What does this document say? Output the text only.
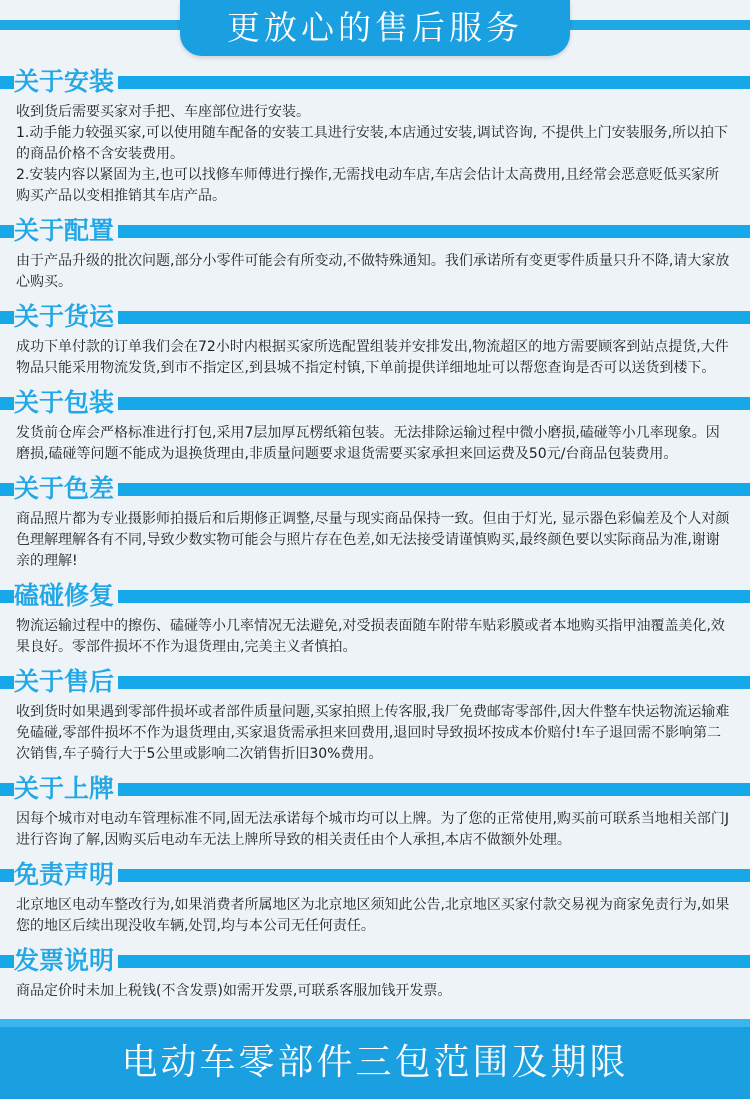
更放心的售后服务
关于安装
收到货后需要买家对手把、车座部位进行安装。
1.动手能力较强买家,可以使用随车配备的安装工具进行安装,本店通过安装,调试咨询, 不提供上门安装服务,所以拍下的商品价格不含安装费用。
2.安装内容以紧固为主,也可以找修车师傅进行操作,无需找电动车店,车店会估计太高费用,且经常会恶意贬低买家所购买产品以变相推销其车店产品。
关于配置
由于产品升级的批次问题,部分小零件可能会有所变动,不做特殊通知。我们承诺所有变更零件质量只升不降,请大家放心购买。
关于货运
成功下单付款的订单我们会在72小时内根据买家所选配置组装并安排发出,物流超区的地方需要顾客到站点提货,大件物品只能采用物流发货,到市不指定区,到县城不指定村镇,下单前提供详细地址可以帮您查询是否可以送货到楼下。
关于包装
发货前仓库会严格标准进行打包,采用7层加厚瓦楞纸箱包装。无法排除运输过程中微小磨损,磕碰等小几率现象。因磨损,磕碰等问题不能成为退换货理由,非质量问题要求退货需要买家承担来回运费及50元/台商品包装费用。
关于色差
商品照片都为专业摄影师拍摄后和后期修正调整,尽量与现实商品保持一致。但由于灯光, 显示器色彩偏差及个人对颜色理解理解各有不同,导致少数实物可能会与照片存在色差,如无法接受请谨慎购买,最终颜色要以实际商品为准,谢谢亲的理解!
磕碰修复
物流运输过程中的擦伤、磕碰等小几率情况无法避免,对受损表面随车附带车贴彩膜或者本地购买指甲油覆盖美化,效果良好。零部件损坏不作为退货理由,完美主义者慎拍。
关于售后
收到货时如果遇到零部件损坏或者部件质量问题,买家拍照上传客服,我厂免费邮寄零部件,因大件整车快运物流运输难免磕碰,零部件损坏不作为退货理由,买家退货需承担来回费用,退回时导致损坏按成本价赔付!车子退回需不影响第二次销售,车子骑行大于5公里或影响二次销售折旧30%费用。
关于上牌
因每个城市对电动车管理标准不同,固无法承诺每个城市均可以上牌。为了您的正常使用,购买前可联系当地相关部门J进行咨询了解,因购买后电动车无法上牌所导致的相关责任由个人承担,本店不做额外处理。
免责声明
北京地区电动车整改行为,如果消费者所属地区为北京地区须知此公告,北京地区买家付款交易视为商家免责行为,如果您的地区后续出现没收车辆,处罚,均与本公司无任何责任。
发票说明
商品定价时未加上税钱(不含发票)如需开发票,可联系客服加钱开发票。
电动车零部件三包范围及期限
